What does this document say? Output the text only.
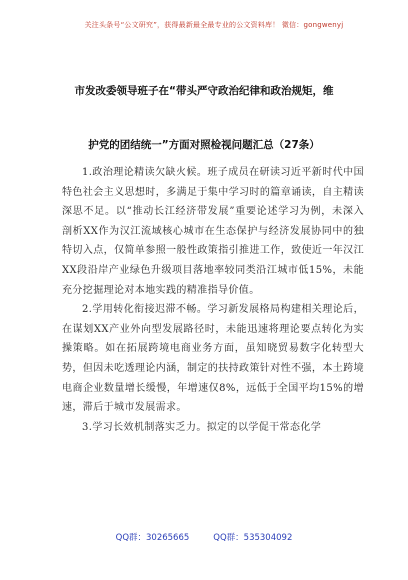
关注头条号“公文研究”，获得最新最全最专业的公文资料库！ 微信：gongwenyj
市发改委领导班子在“带头严守政治纪律和政治规矩，维
护党的团结统一”方面对照检视问题汇总（27条）

1.政治理论精读欠缺火候。班子成员在研读习近平新时代中国特色社会主义思想时，多满足于集中学习时的篇章诵读，自主精读深思不足。以“推动长江经济带发展”重要论述学习为例，未深入剖析XX作为汉江流域核心城市在生态保护与经济发展协同中的独特切入点，仅简单参照一般性政策指引推进工作，致使近一年汉江XX段沿岸产业绿色升级项目落地率较同类沿江城市低15%，未能充分挖掘理论对本地实践的精准指导价值。

2.学用转化衔接迟滞不畅。学习新发展格局构建相关理论后，在谋划XX产业外向型发展路径时，未能迅速将理论要点转化为实操策略。如在拓展跨境电商业务方面，虽知晓贸易数字化转型大势，但因未吃透理论内涵，制定的扶持政策针对性不强，本土跨境电商企业数量增长缓慢，年增速仅8%，远低于全国平均15%的增速，滞后于城市发展需求。

3.学习长效机制落实乏力。拟定的以学促干常态化学

QQ群：30265665	QQ群：535304092
